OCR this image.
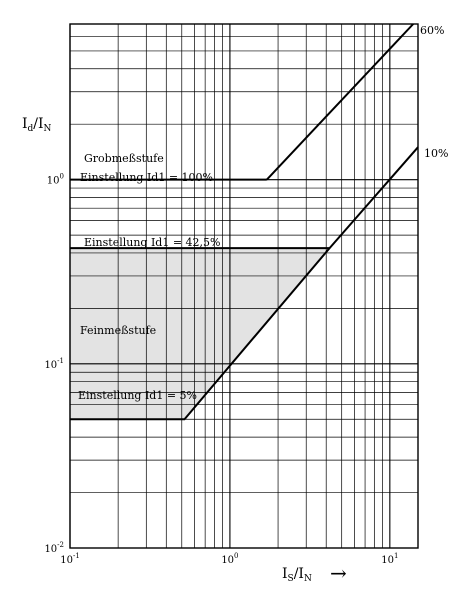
$10^{-1}$	$10^0$	$10^1$
$10^{-2}$
$10^{-1}$
$10^0$
60%
10%
Grobmeßstufe
Einstellung Id1 = 100%
Einstellung Id1 = 42,5%
Feinmeßstufe
Einstellung Id1 = 5%
$I_d/I_N$
$I_S/I_N$ →
